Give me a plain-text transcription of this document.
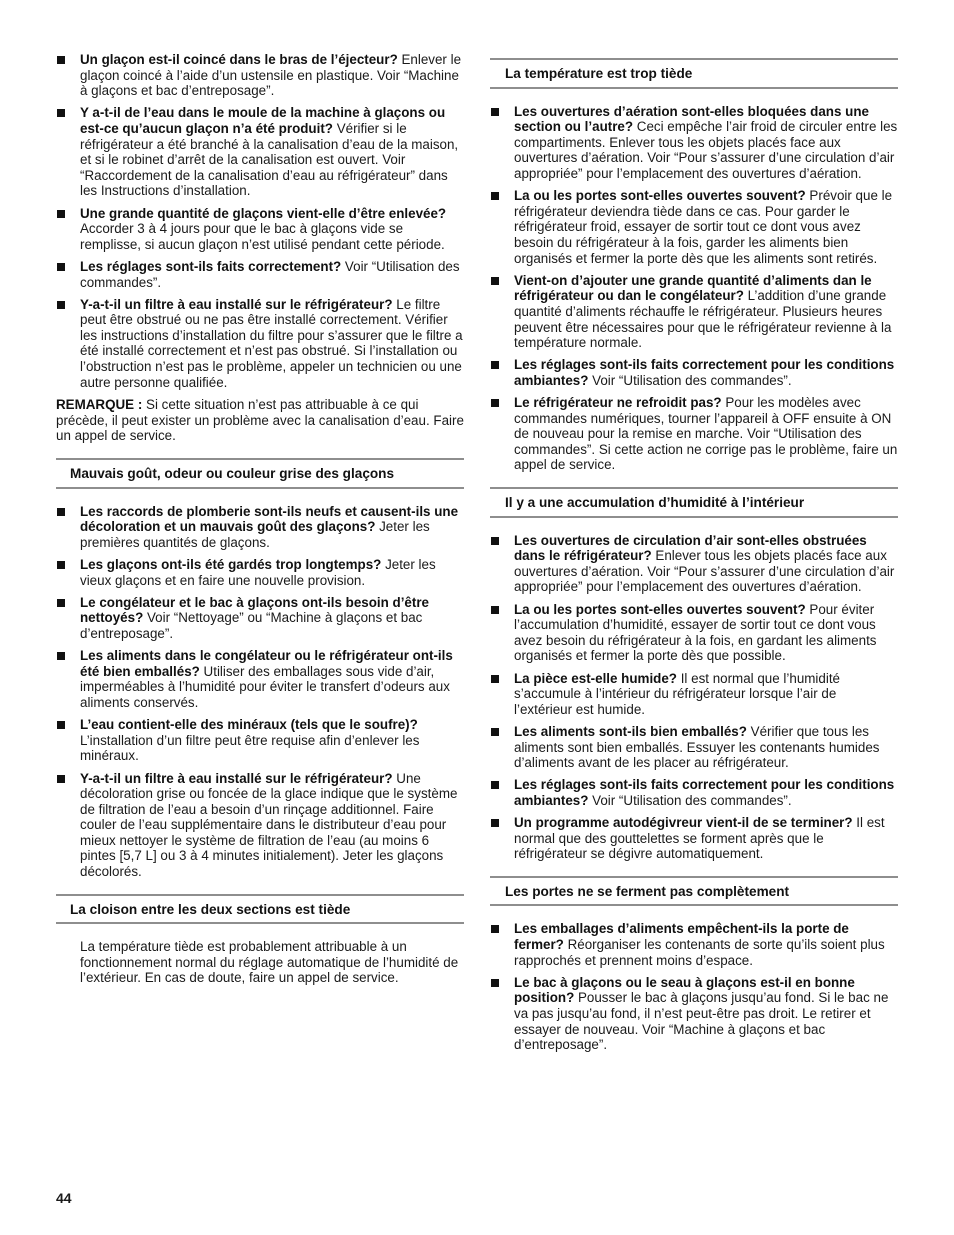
Un glaçon est-il coincé dans le bras de l’éjecteur? Enlever le glaçon coincé à l’aide d’un ustensile en plastique. Voir “Machine à glaçons et bac d’entreposage”.
Y a-t-il de l’eau dans le moule de la machine à glaçons ou est-ce qu’aucun glaçon n’a été produit? Vérifier si le réfrigérateur a été branché à la canalisation d’eau de la maison, et si le robinet d’arrêt de la canalisation est ouvert. Voir “Raccordement de la canalisation d’eau au réfrigérateur” dans les Instructions d’installation.
Une grande quantité de glaçons vient-elle d’être enlevée? Accorder 3 à 4 jours pour que le bac à glaçons vide se remplisse, si aucun glaçon n’est utilisé pendant cette période.
Les réglages sont-ils faits correctement? Voir “Utilisation des commandes”.
Y-a-t-il un filtre à eau installé sur le réfrigérateur? Le filtre peut être obstrué ou ne pas être installé correctement. Vérifier les instructions d’installation du filtre pour s’assurer que le filtre a été installé correctement et n’est pas obstrué. Si l’installation ou l’obstruction n’est pas le problème, appeler un technicien ou une autre personne qualifiée.
REMARQUE : Si cette situation n’est pas attribuable à ce qui précède, il peut exister un problème avec la canalisation d’eau. Faire un appel de service.
Mauvais goût, odeur ou couleur grise des glaçons
Les raccords de plomberie sont-ils neufs et causent-ils une décoloration et un mauvais goût des glaçons? Jeter les premières quantités de glaçons.
Les glaçons ont-ils été gardés trop longtemps? Jeter les vieux glaçons et en faire une nouvelle provision.
Le congélateur et le bac à glaçons ont-ils besoin d’être nettoyés? Voir “Nettoyage” ou “Machine à glaçons et bac d’entreposage”.
Les aliments dans le congélateur ou le réfrigérateur ont-ils été bien emballés? Utiliser des emballages sous vide d’air, imperméables à l’humidité pour éviter le transfert d’odeurs aux aliments conservés.
L’eau contient-elle des minéraux (tels que le soufre)? L’installation d’un filtre peut être requise afin d’enlever les minéraux.
Y-a-t-il un filtre à eau installé sur le réfrigérateur? Une décoloration grise ou foncée de la glace indique que le système de filtration de l’eau a besoin d’un rinçage additionnel. Faire couler de l’eau supplémentaire dans le distributeur d’eau pour mieux nettoyer le système de filtration de l’eau (au moins 6 pintes [5,7 L] ou 3 à 4 minutes initialement). Jeter les glaçons décolorés.
La cloison entre les deux sections est tiède
La température tiède est probablement attribuable à un fonctionnement normal du réglage automatique de l’humidité de l’extérieur. En cas de doute, faire un appel de service.
La température est trop tiède
Les ouvertures d’aération sont-elles bloquées dans une section ou l’autre? Ceci empêche l’air froid de circuler entre les compartiments. Enlever tous les objets placés face aux ouvertures d’aération. Voir “Pour s’assurer d’une circulation d’air appropriée” pour l’emplacement des ouvertures d’aération.
La ou les portes sont-elles ouvertes souvent? Prévoir que le réfrigérateur deviendra tiède dans ce cas. Pour garder le réfrigérateur froid, essayer de sortir tout ce dont vous avez besoin du réfrigérateur à la fois, garder les aliments bien organisés et fermer la porte dès que les aliments sont retirés.
Vient-on d’ajouter une grande quantité d’aliments dan le réfrigérateur ou dan le congélateur? L’addition d’une grande quantité d’aliments réchauffe le réfrigérateur. Plusieurs heures peuvent être nécessaires pour que le réfrigérateur revienne à la température normale.
Les réglages sont-ils faits correctement pour les conditions ambiantes? Voir “Utilisation des commandes”.
Le réfrigérateur ne refroidit pas? Pour les modèles avec commandes numériques, tourner l’appareil à OFF ensuite à ON de nouveau pour la remise en marche. Voir “Utilisation des commandes”. Si cette action ne corrige pas le problème, faire un appel de service.
Il y a une accumulation d’humidité à l’intérieur
Les ouvertures de circulation d’air sont-elles obstruées dans le réfrigérateur? Enlever tous les objets placés face aux ouvertures d’aération. Voir “Pour s’assurer d’une circulation d’air appropriée” pour l’emplacement des ouvertures d’aération.
La ou les portes sont-elles ouvertes souvent? Pour éviter l’accumulation d’humidité, essayer de sortir tout ce dont vous avez besoin du réfrigérateur à la fois, en gardant les aliments organisés et fermer la porte dès que possible.
La pièce est-elle humide? Il est normal que l’humidité s’accumule à l’intérieur du réfrigérateur lorsque l’air de l’extérieur est humide.
Les aliments sont-ils bien emballés? Vérifier que tous les aliments sont bien emballés. Essuyer les contenants humides d’aliments avant de les placer au réfrigérateur.
Les réglages sont-ils faits correctement pour les conditions ambiantes? Voir “Utilisation des commandes”.
Un programme autodégivreur vient-il de se terminer? Il est normal que des gouttelettes se forment après que le réfrigérateur se dégivre automatiquement.
Les portes ne se ferment pas complètement
Les emballages d’aliments empêchent-ils la porte de fermer? Réorganiser les contenants de sorte qu’ils soient plus rapprochés et prennent moins d’espace.
Le bac à glaçons ou le seau à glaçons est-il en bonne position? Pousser le bac à glaçons jusqu’au fond. Si le bac ne va pas jusqu’au fond, il n’est peut-être pas droit. Le retirer et essayer de nouveau. Voir “Machine à glaçons et bac d’entreposage”.
44
